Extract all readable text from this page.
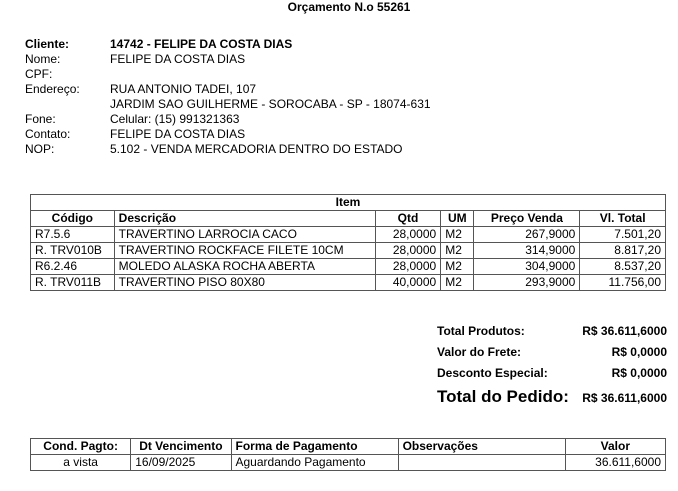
Orçamento N.o 55261
Cliente:	14742 - FELIPE DA COSTA DIAS
Nome:	FELIPE DA COSTA DIAS
CPF:
Endereço:	RUA ANTONIO TADEI, 107
JARDIM SAO GUILHERME - SOROCABA - SP - 18074-631
Fone:	Celular: (15) 991321363
Contato:	FELIPE DA COSTA DIAS
NOP:	5.102 - VENDA MERCADORIA DENTRO DO ESTADO
Item					
Código	Descrição	Qtd	UM	Preço Venda	Vl. Total
R7.5.6	TRAVERTINO LARROCIA CACO	28,0000	M2	267,9000	7.501,20
R. TRV010B	TRAVERTINO ROCKFACE FILETE 10CM	28,0000	M2	314,9000	8.817,20
R6.2.46	MOLEDO ALASKA ROCHA ABERTA	28,0000	M2	304,9000	8.537,20
R. TRV011B	TRAVERTINO PISO 80X80	40,0000	M2	293,9000	11.756,00
Total Produtos:	R$ 36.611,6000
Valor do Frete:	R$ 0,0000
Desconto Especial:	R$ 0,0000
Total do Pedido: R$ 36.611,6000
Cond. Pagto:	Dt Vencimento	Forma de Pagamento	Observações	Valor
a vista	16/09/2025	Aguardando Pagamento		36.611,6000
